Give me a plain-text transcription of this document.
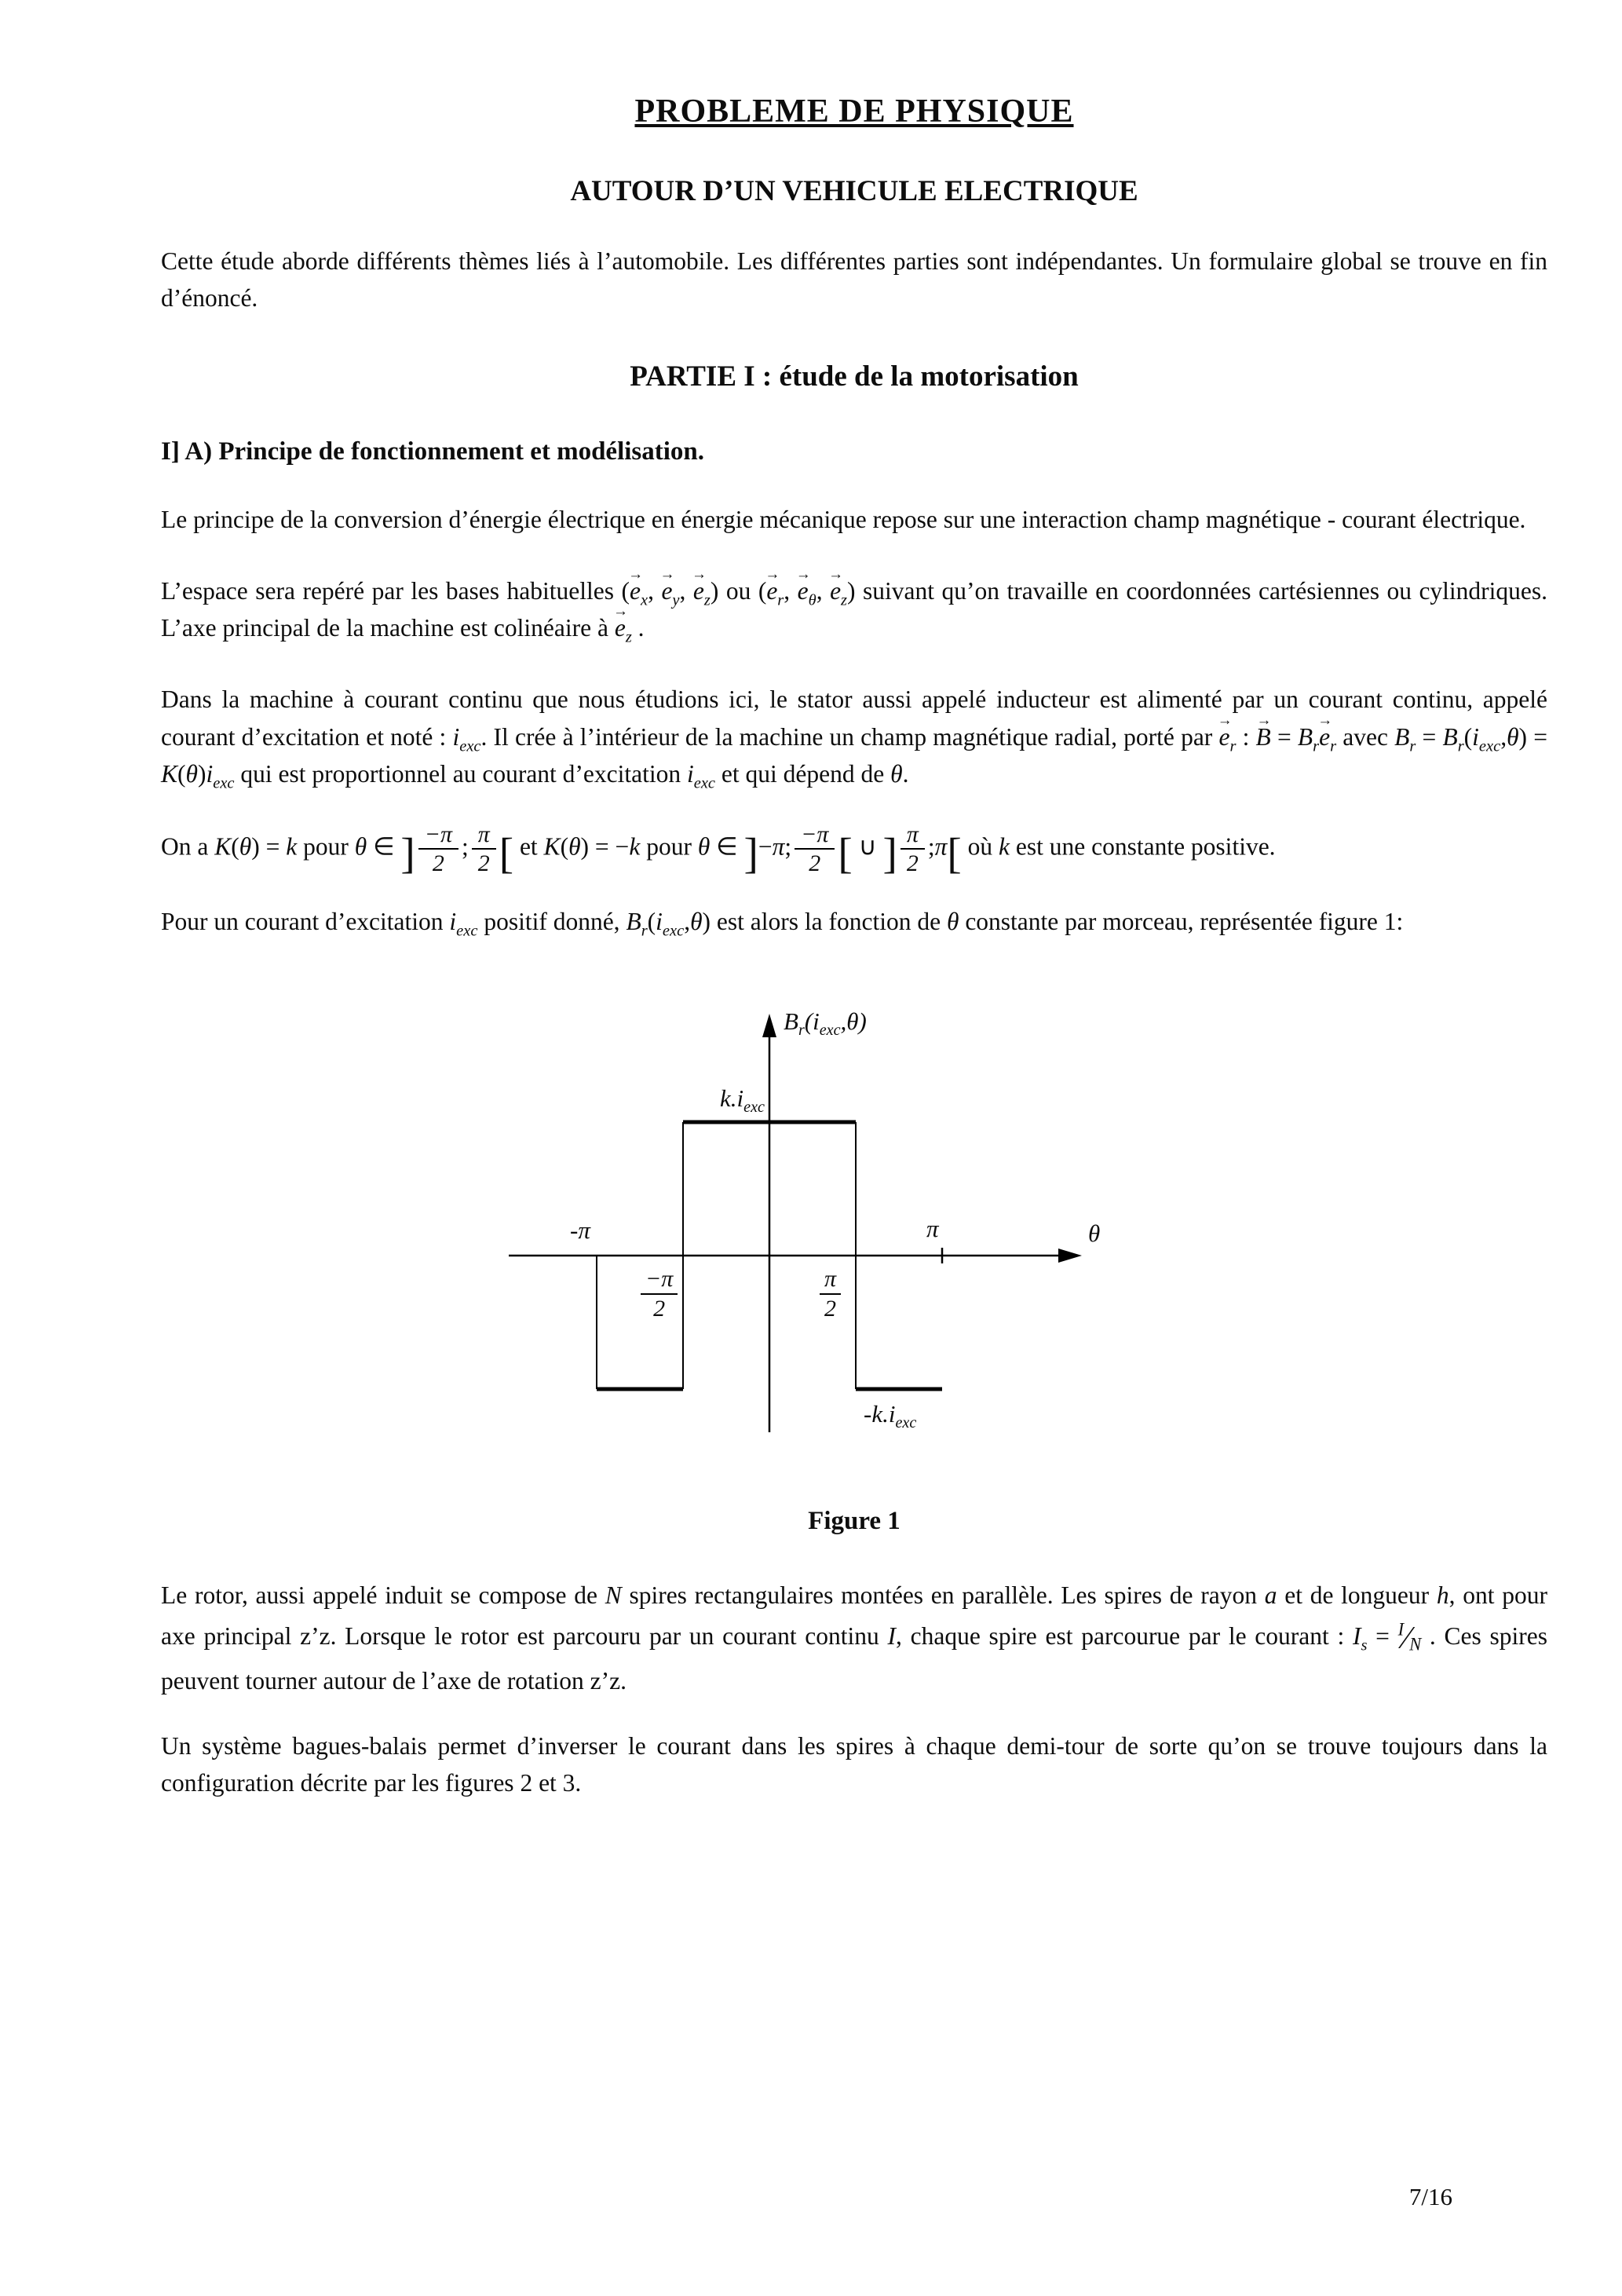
PROBLEME DE PHYSIQUE
AUTOUR D’UN VEHICULE ELECTRIQUE

Cette étude aborde différents thèmes liés à l’automobile. Les différentes parties sont indépendantes. Un formulaire global se trouve en fin d’énoncé.

PARTIE I : étude de la motorisation
I] A) Principe de fonctionnement et modélisation.

Le principe de la conversion d’énergie électrique en énergie mécanique repose sur une interaction champ magnétique - courant électrique.

L’espace sera repéré par les bases habituelles ($e \to_x$, $e \to_y$, $e \to_z$) ou ($e \to_r$, $e \to_\theta$, $e \to_z$) suivant qu’on travaille en coordonnées cartésiennes ou cylindriques. L’axe principal de la machine est colinéaire à $e \to_z$ .

Dans la machine à courant continu que nous étudions ici, le stator aussi appelé inducteur est alimenté par un courant continu, appelé courant d’excitation et noté : $i_{exc}$. Il crée à l’intérieur de la machine un champ magnétique radial, porté par $e \to_r$ : B → = $B_re \to_r$ avec $B_r = B_r(i_{exc},\theta) = K(\theta)i_{exc}$ qui est proportionnel au courant d’excitation $i_{exc}$ et qui dépend de θ.

On a K(θ) = k pour θ ∈ ] $\frac{-\pi}{2}$ ; $\frac{\pi}{2}$ [ et K(θ) = −k pour θ ∈ ]−π; $\frac{-\pi}{2}$ [ ∪ ] $\frac{\pi}{2}$ ;π[ où k est une constante positive.

Pour un courant d’excitation $i_{exc}$ positif donné, $B_r(i_{exc},\theta)$ est alors la fonction de θ constante par morceau, représentée figure 1:

$B_r(i_{exc},\theta)$
$k.i_{exc}$
-π	π	θ
$\frac{-\pi}{2}$	$\frac{\pi}{2}$
$-k.i_{exc}$

Figure 1

Le rotor, aussi appelé induit se compose de N spires rectangulaires montées en parallèle. Les spires de rayon a et de longueur h, ont pour axe principal z’z. Lorsque le rotor est parcouru par un courant continu I, chaque spire est parcourue par le courant : $I_s$ = $^I⁄_N$ . Ces spires peuvent tourner autour de l’axe de rotation z’z.

Un système bagues-balais permet d’inverser le courant dans les spires à chaque demi-tour de sorte qu’on se trouve toujours dans la configuration décrite par les figures 2 et 3.

7/16
